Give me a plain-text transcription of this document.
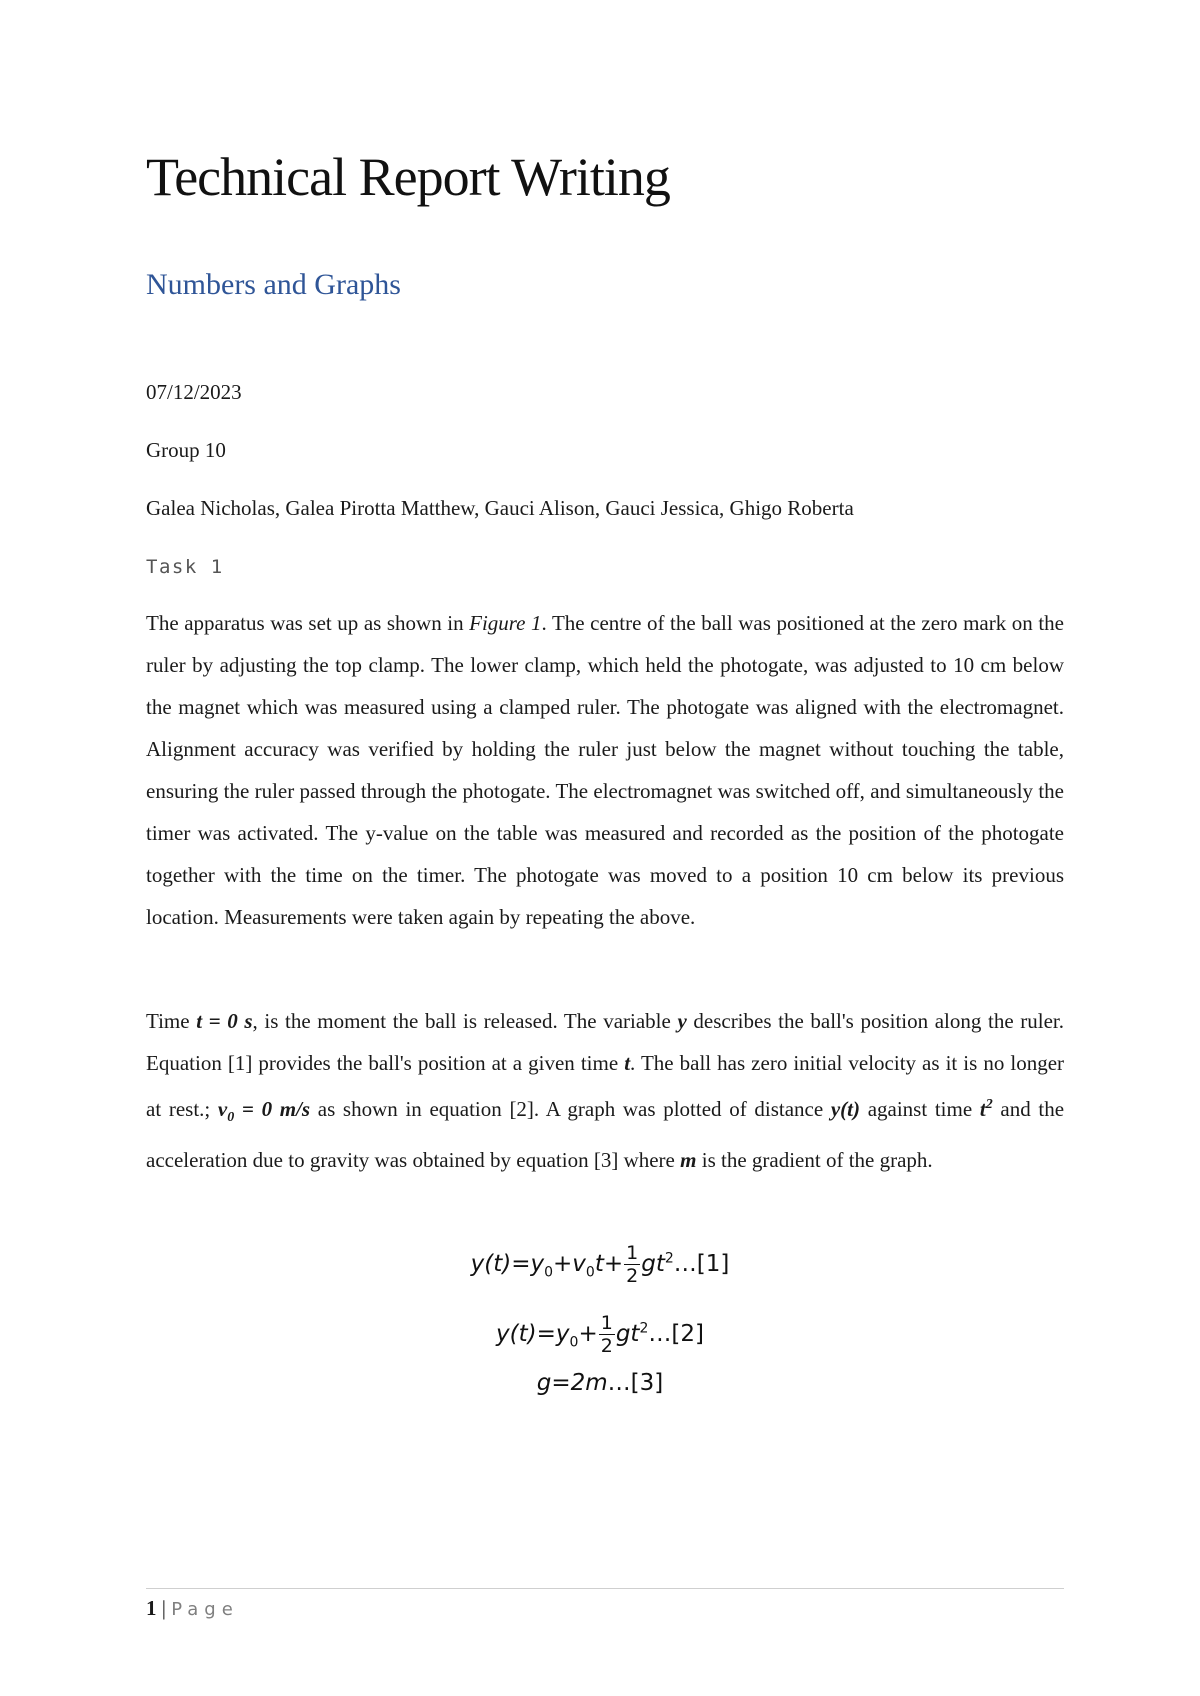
Technical Report Writing
Numbers and Graphs

07/12/2023

Group 10

Galea Nicholas, Galea Pirotta Matthew, Gauci Alison, Gauci Jessica, Ghigo Roberta

Task 1

The apparatus was set up as shown in Figure 1. The centre of the ball was positioned at the zero mark on the ruler by adjusting the top clamp. The lower clamp, which held the photogate, was adjusted to 10 cm below the magnet which was measured using a clamped ruler. The photogate was aligned with the electromagnet. Alignment accuracy was verified by holding the ruler just below the magnet without touching the table, ensuring the ruler passed through the photogate. The electromagnet was switched off, and simultaneously the timer was activated. The y-value on the table was measured and recorded as the position of the photogate together with the time on the timer. The photogate was moved to a position 10 cm below its previous location. Measurements were taken again by repeating the above.

Time t = 0 s, is the moment the ball is released. The variable y describes the ball's position along the ruler. Equation [1] provides the ball's position at a given time t. The ball has zero initial velocity as it is no longer at rest.; $v_0 = 0$ m/s as shown in equation [2]. A graph was plotted of distance y(t) against time $t^2$ and the acceleration due to gravity was obtained by equation [3] where m is the gradient of the graph.

$y(t)=y_0+v_0t+ \frac{1}{2}$ $gt^2\dots[1]$
$y(t)=y_0+ \frac{1}{2}$ $gt^2\dots[2]$
g=2m…[3]

1 | Page
